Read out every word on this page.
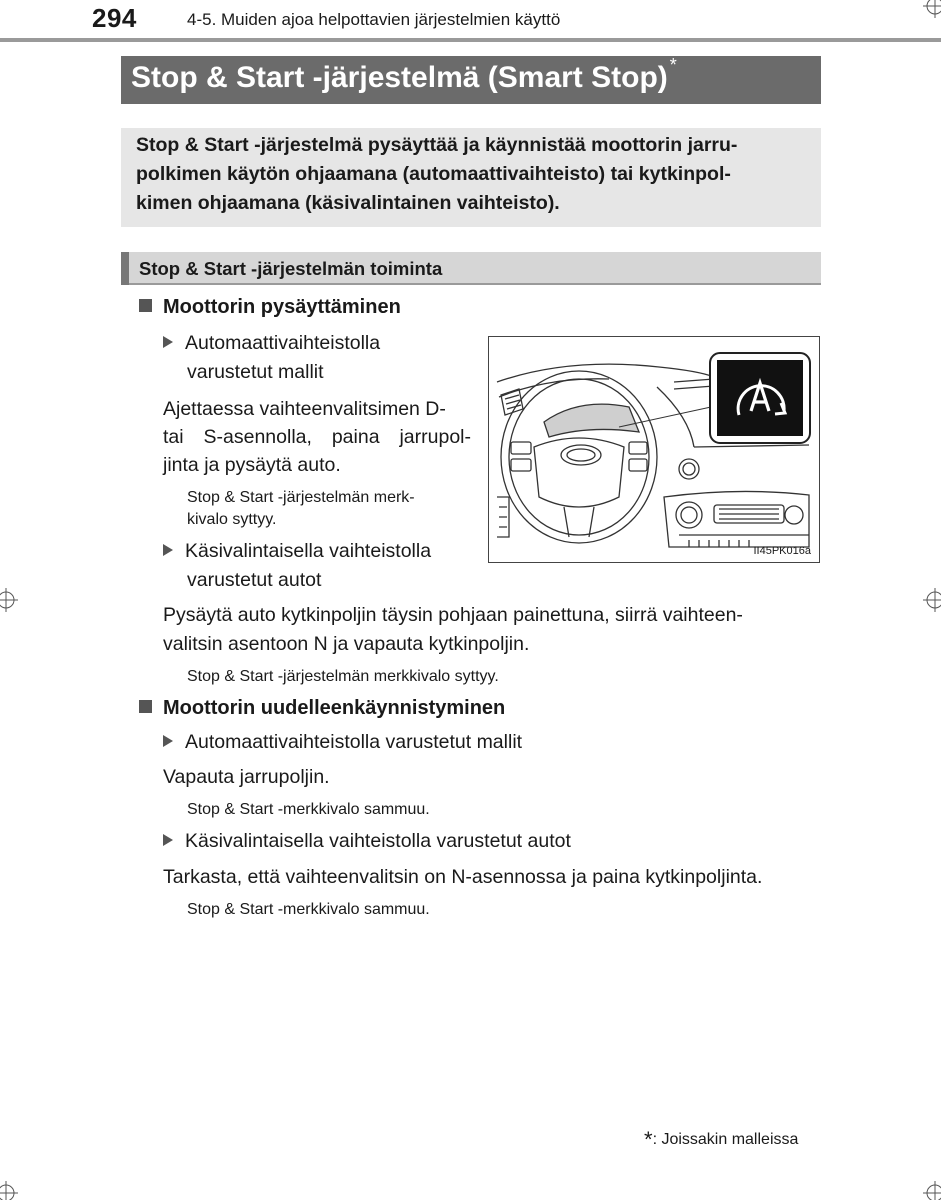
294	4-5. Muiden ajoa helpottavien järjestelmien käyttö
Stop & Start -järjestelmä (Smart Stop) *
Stop & Start -järjestelmä pysäyttää ja käynnistää moottorin jarru-
polkimen käytön ohjaamana (automaattivaihteisto) tai kytkinpol-
kimen ohjaamana (käsivalintainen vaihteisto).
Stop & Start -järjestelmän toiminta
Moottorin pysäyttäminen
Automaattivaihteistolla
varustetut mallit
Ajettaessa vaihteenvalitsimen D-
tai S-asennolla, paina jarrupol-
jinta ja pysäytä auto.
Stop & Start -järjestelmän merk-
kivalo syttyy.
Käsivalintaisella vaihteistolla
varustetut autot
Pysäytä auto kytkinpoljin täysin pohjaan painettuna, siirrä vaihteen-
valitsin asentoon N ja vapauta kytkinpoljin.
Stop & Start -järjestelmän merkkivalo syttyy.
II45PK016a
Moottorin uudelleenkäynnistyminen
Automaattivaihteistolla varustetut mallit
Vapauta jarrupoljin.
Stop & Start -merkkivalo sammuu.
Käsivalintaisella vaihteistolla varustetut autot
Tarkasta, että vaihteenvalitsin on N-asennossa ja paina kytkinpoljinta.
Stop & Start -merkkivalo sammuu.
*: Joissakin malleissa
